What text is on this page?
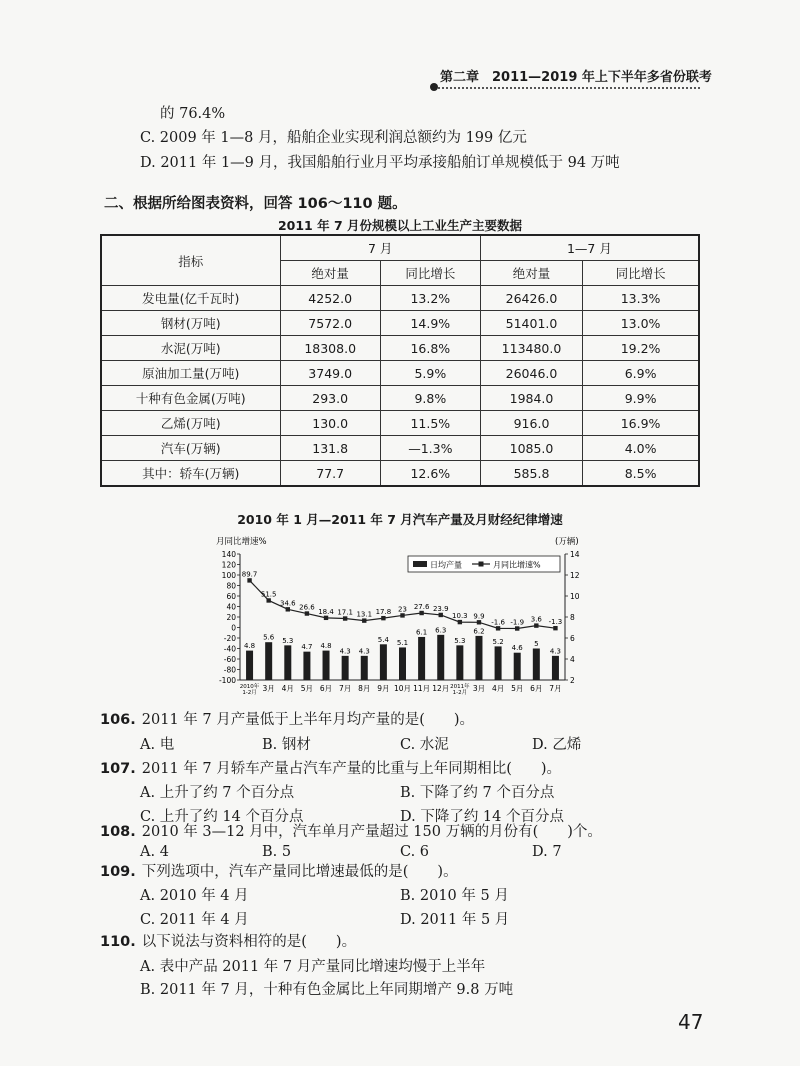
第二章　2011—2019 年上下半年多省份联考
的 76.4%
C. 2009 年 1—8 月，船舶企业实现利润总额约为 199 亿元
D. 2011 年 1—9 月，我国船舶行业月平均承接船舶订单规模低于 94 万吨
二、根据所给图表资料，回答 106～110 题。
2011 年 7 月份规模以上工业生产主要数据
指标	7 月		1—7 月	
	绝对量	同比增长	绝对量	同比增长
发电量(亿千瓦时)	4252.0	13.2%	26426.0	13.3%
钢材(万吨)	7572.0	14.9%	51401.0	13.0%
水泥(万吨)	18308.0	16.8%	113480.0	19.2%
原油加工量(万吨)	3749.0	5.9%	26046.0	6.9%
十种有色金属(万吨)	293.0	9.8%	1984.0	9.9%
乙烯(万吨)	130.0	11.5%	916.0	16.9%
汽车(万辆)	131.8	—1.3%	1085.0	4.0%
其中：轿车(万辆)	77.7	12.6%	585.8	8.5%
2010 年 1 月—2011 年 7 月汽车产量及月财经纪律增速
月同比增速%	(万辆)
140
120
100
80
60
40
20
0
-20
-40
-60
-80
-100
14
12
10
8
6
4
2
4.8
5.6 5.3
4.7 4.8
4.3 4.3
5.4 5.1
6.1 6.3
5.3
6.2
5.2
4.6
5
4.3
89.7
51.5
34.6
26.6
18.4 17.1 13.1 17.8 23 27.6 23.9
10.3 9.9
-1.6 -1.9 3.6 -1.3
2010年
1-2月 3月 4月 5月 6月 7月 8月 9月 10月 11月 12月 2011年
1-2月 3月 4月 5月 6月 7月
日均产量	月同比增速%
106. 2011 年 7 月产量低于上半年月均产量的是(　　)。
A. 电	B. 钢材	C. 水泥	D. 乙烯
107. 2011 年 7 月轿车产量占汽车产量的比重与上年同期相比(　　)。
A. 上升了约 7 个百分点	B. 下降了约 7 个百分点
C. 上升了约 14 个百分点	D. 下降了约 14 个百分点
108. 2010 年 3—12 月中，汽车单月产量超过 150 万辆的月份有(　　)个。
A. 4	B. 5	C. 6	D. 7
109. 下列选项中，汽车产量同比增速最低的是(　　)。
A. 2010 年 4 月	B. 2010 年 5 月
C. 2011 年 4 月	D. 2011 年 5 月
110. 以下说法与资料相符的是(　　)。
A. 表中产品 2011 年 7 月产量同比增速均慢于上半年
B. 2011 年 7 月，十种有色金属比上年同期增产 9.8 万吨
47
